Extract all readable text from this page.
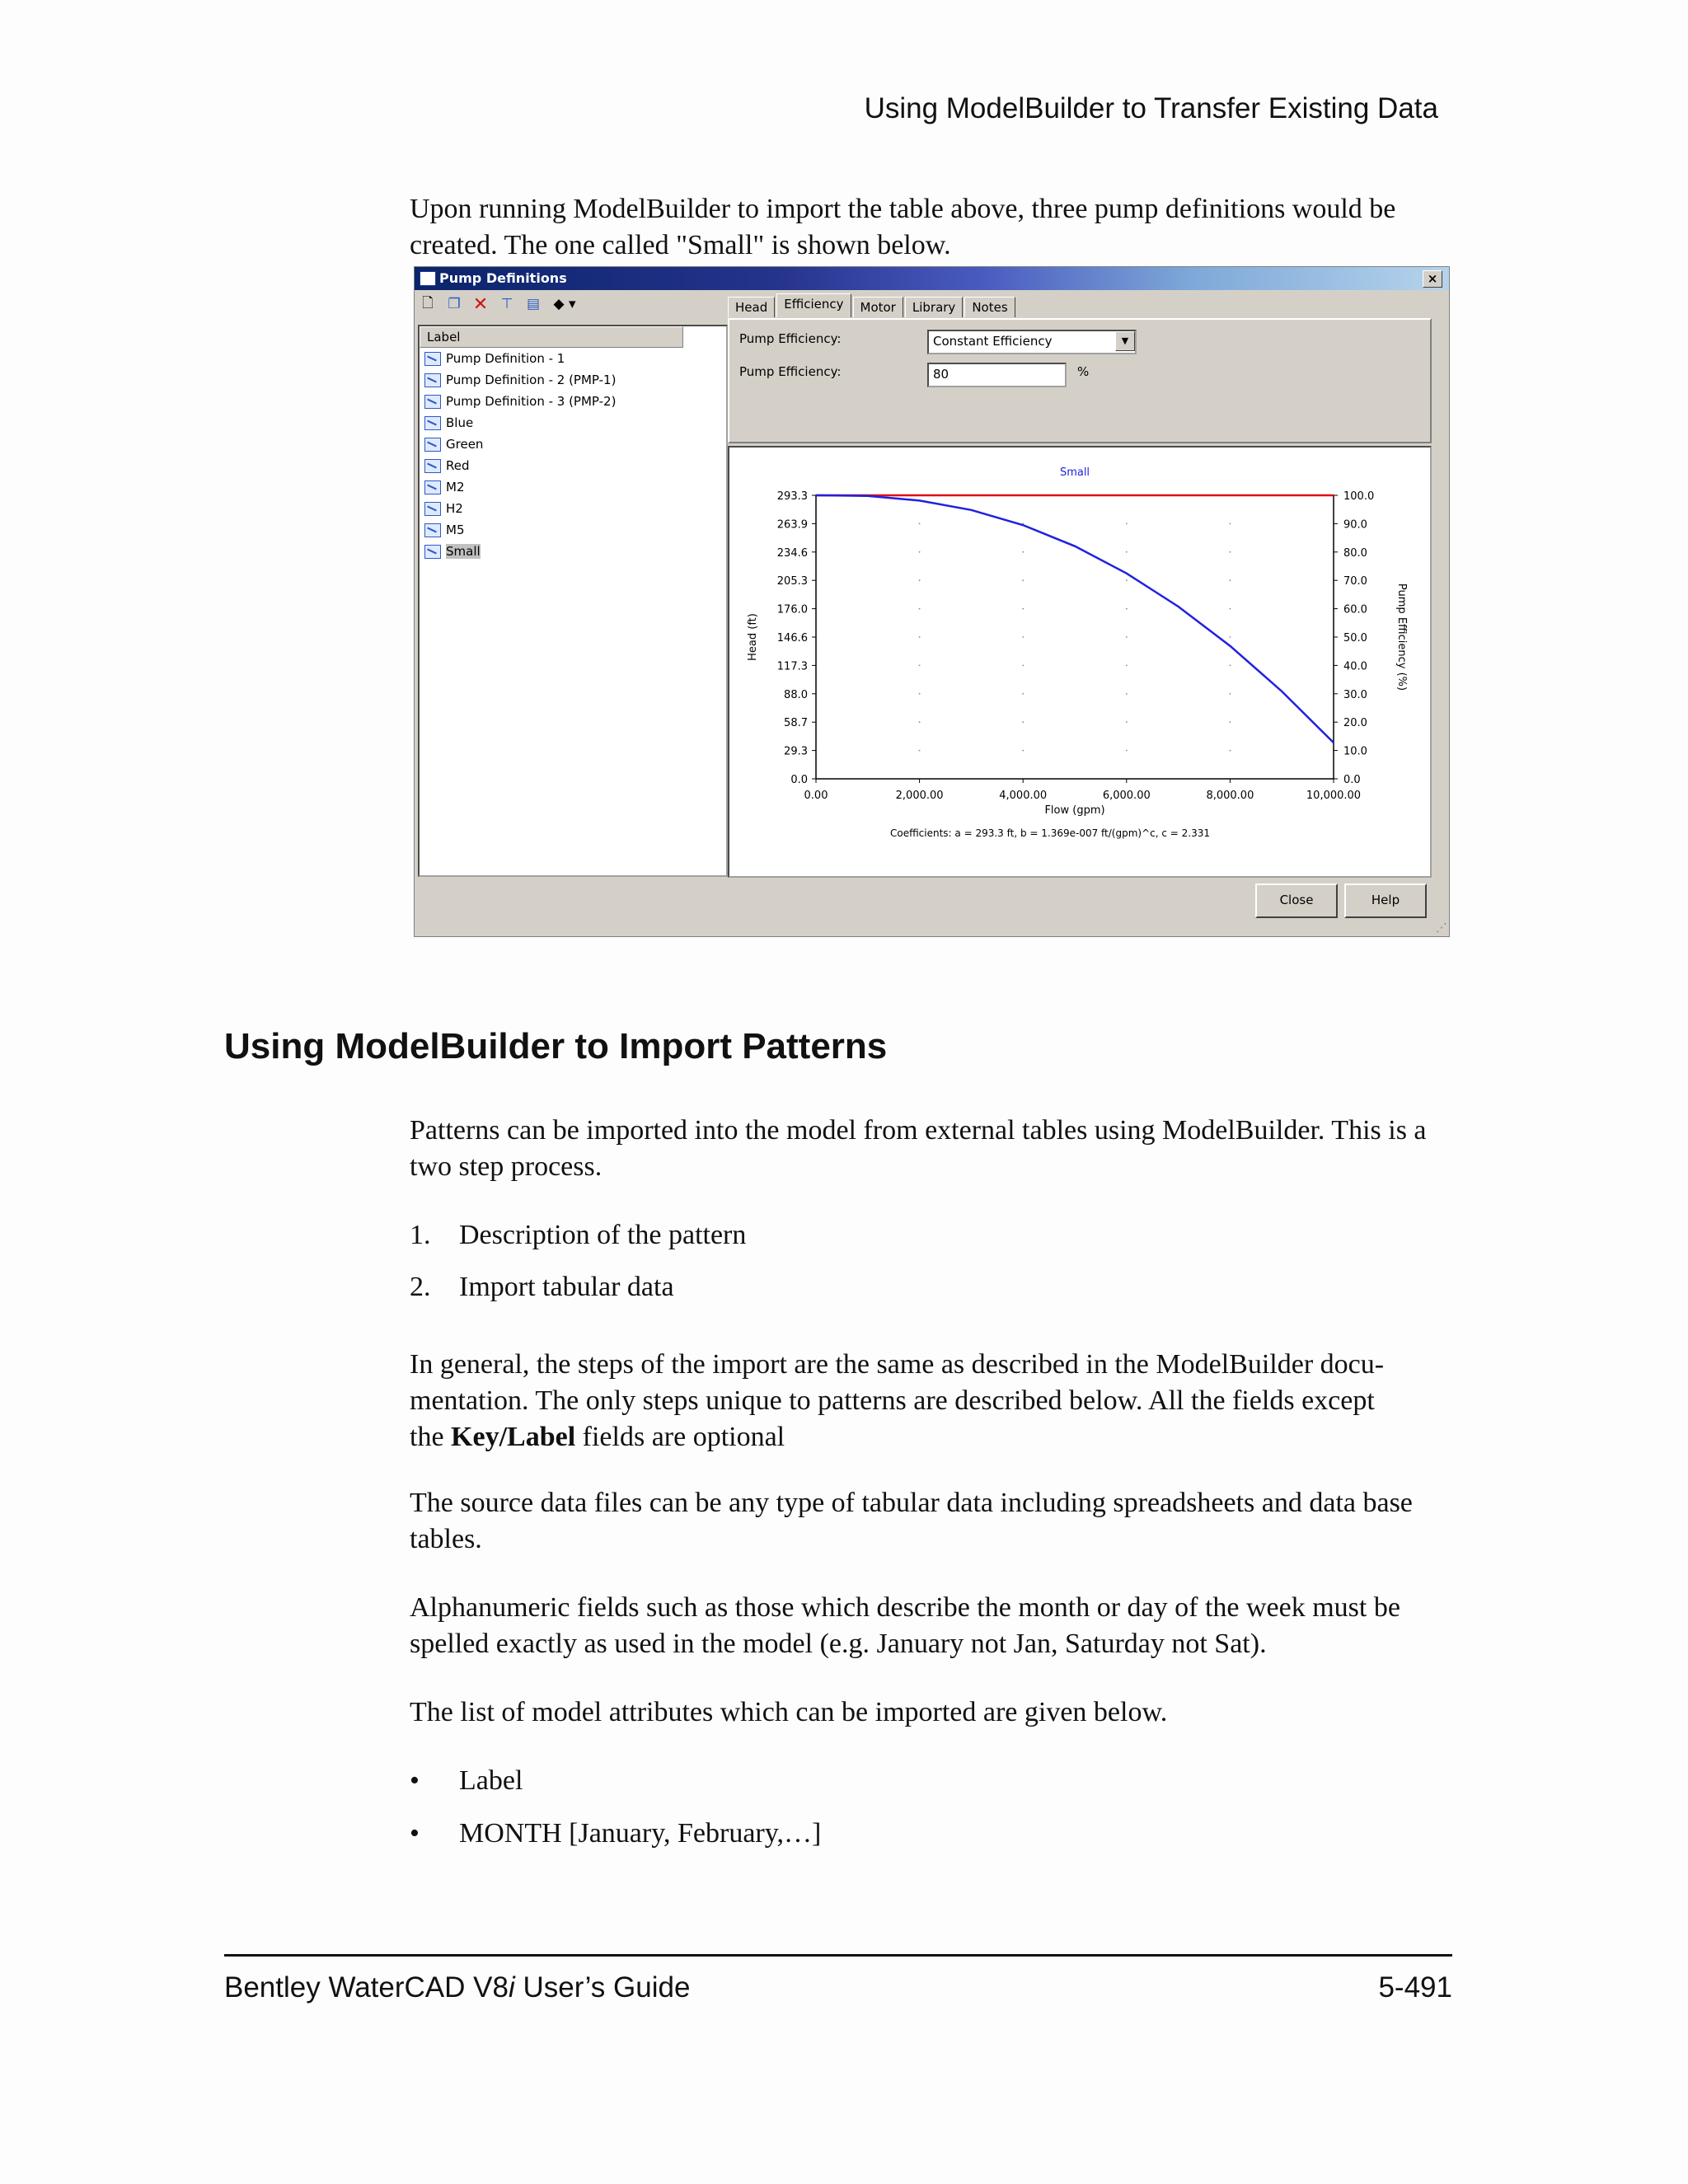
Using ModelBuilder to Transfer Existing Data

Upon running ModelBuilder to import the table above, three pump definitions would be created. The one called "Small" is shown below.

Pump Definitions	×
🗋	❐ ✕ ⊤ ▤ ◆ ▾
Label
Pump Definition - 1
Pump Definition - 2 (PMP-1)
Pump Definition - 3 (PMP-2)
Blue
Green
Red
M2
H2
M5
Small
Head	Efficiency	Motor	Library	Notes
Pump Efficiency:	Constant Efficiency	▼
Pump Efficiency:	80	%
Small
293.3
263.9
234.6
205.3
176.0
146.6
117.3
88.0
58.7
29.3
0.0
100.0
90.0
80.0
70.0
60.0
50.0
40.0
30.0
20.0
10.0
0.0
0.00	2,000.00	4,000.00	6,000.00	8,000.00	10,000.00
Flow (gpm)
Head (ft)	Pump Efficiency (%)
Coefficients: a = 293.3 ft, b = 1.369e-007 ft/(gpm)^c, c = 2.331
Close	Help
⋰
Using ModelBuilder to Import Patterns

Patterns can be imported into the model from external tables using ModelBuilder. This is a two step process.

1. Description of the pattern
2. Import tabular data

In general, the steps of the import are the same as described in the ModelBuilder docu-
mentation. The only steps unique to patterns are described below. All the fields except
the Key/Label fields are optional

The source data files can be any type of tabular data including spreadsheets and data base tables.

Alphanumeric fields such as those which describe the month or day of the week must be spelled exactly as used in the model (e.g. January not Jan, Saturday not Sat).

The list of model attributes which can be imported are given below.

• Label
• MONTH [January, February,…]
Bentley WaterCAD V8i User’s Guide	5-491
